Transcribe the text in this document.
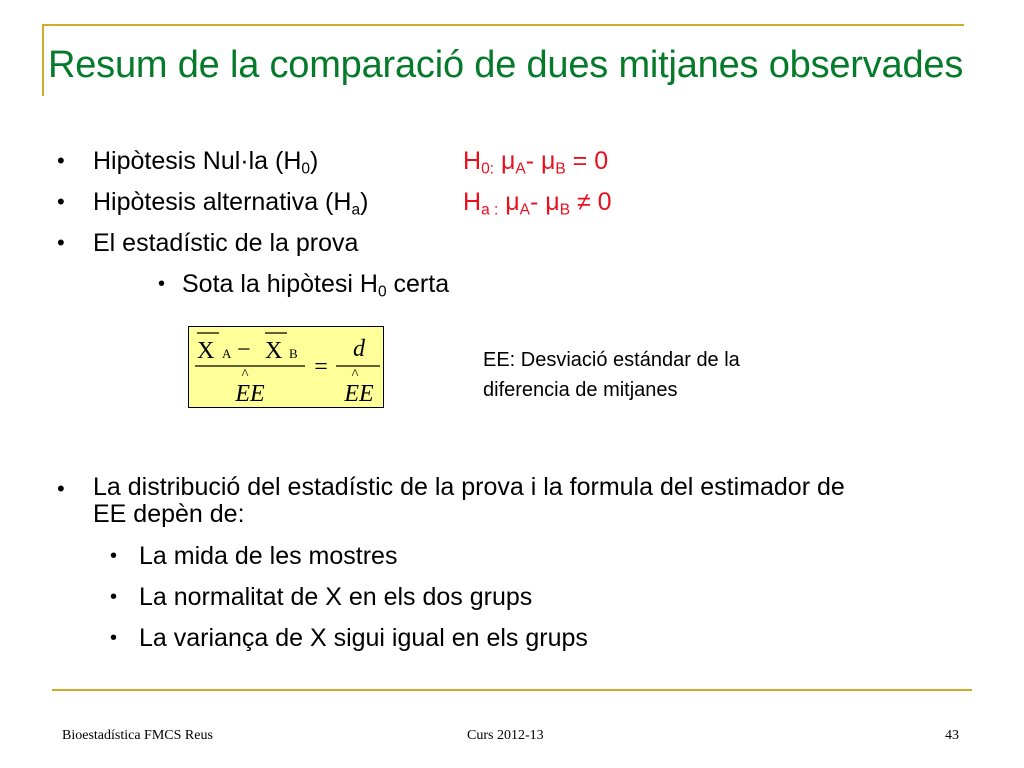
Resum de la comparació de dues mitjanes observades
• Hipòtesis Nul·la $(H_0)$	$H_{0:}$ $\mu_A-$ $\mu_B = 0$
• Hipòtesis alternativa $(H_a)$	$H_{a :}$ $\mu_A-$ $\mu_B \ne 0$
• El estadístic de la prova
• Sota la hipòtesi $H_0$ certa
X A − X B
^
EE
=
d
^
EE
EE: Desviació estándar de la
diferencia de mitjanes
• La distribució del estadístic de la prova i la formula del estimador de
EE depèn de:
• La mida de les mostres
• La normalitat de X en els dos grups
• La variança de X sigui igual en els grups
Bioestadística FMCS Reus	Curs 2012-13	43
